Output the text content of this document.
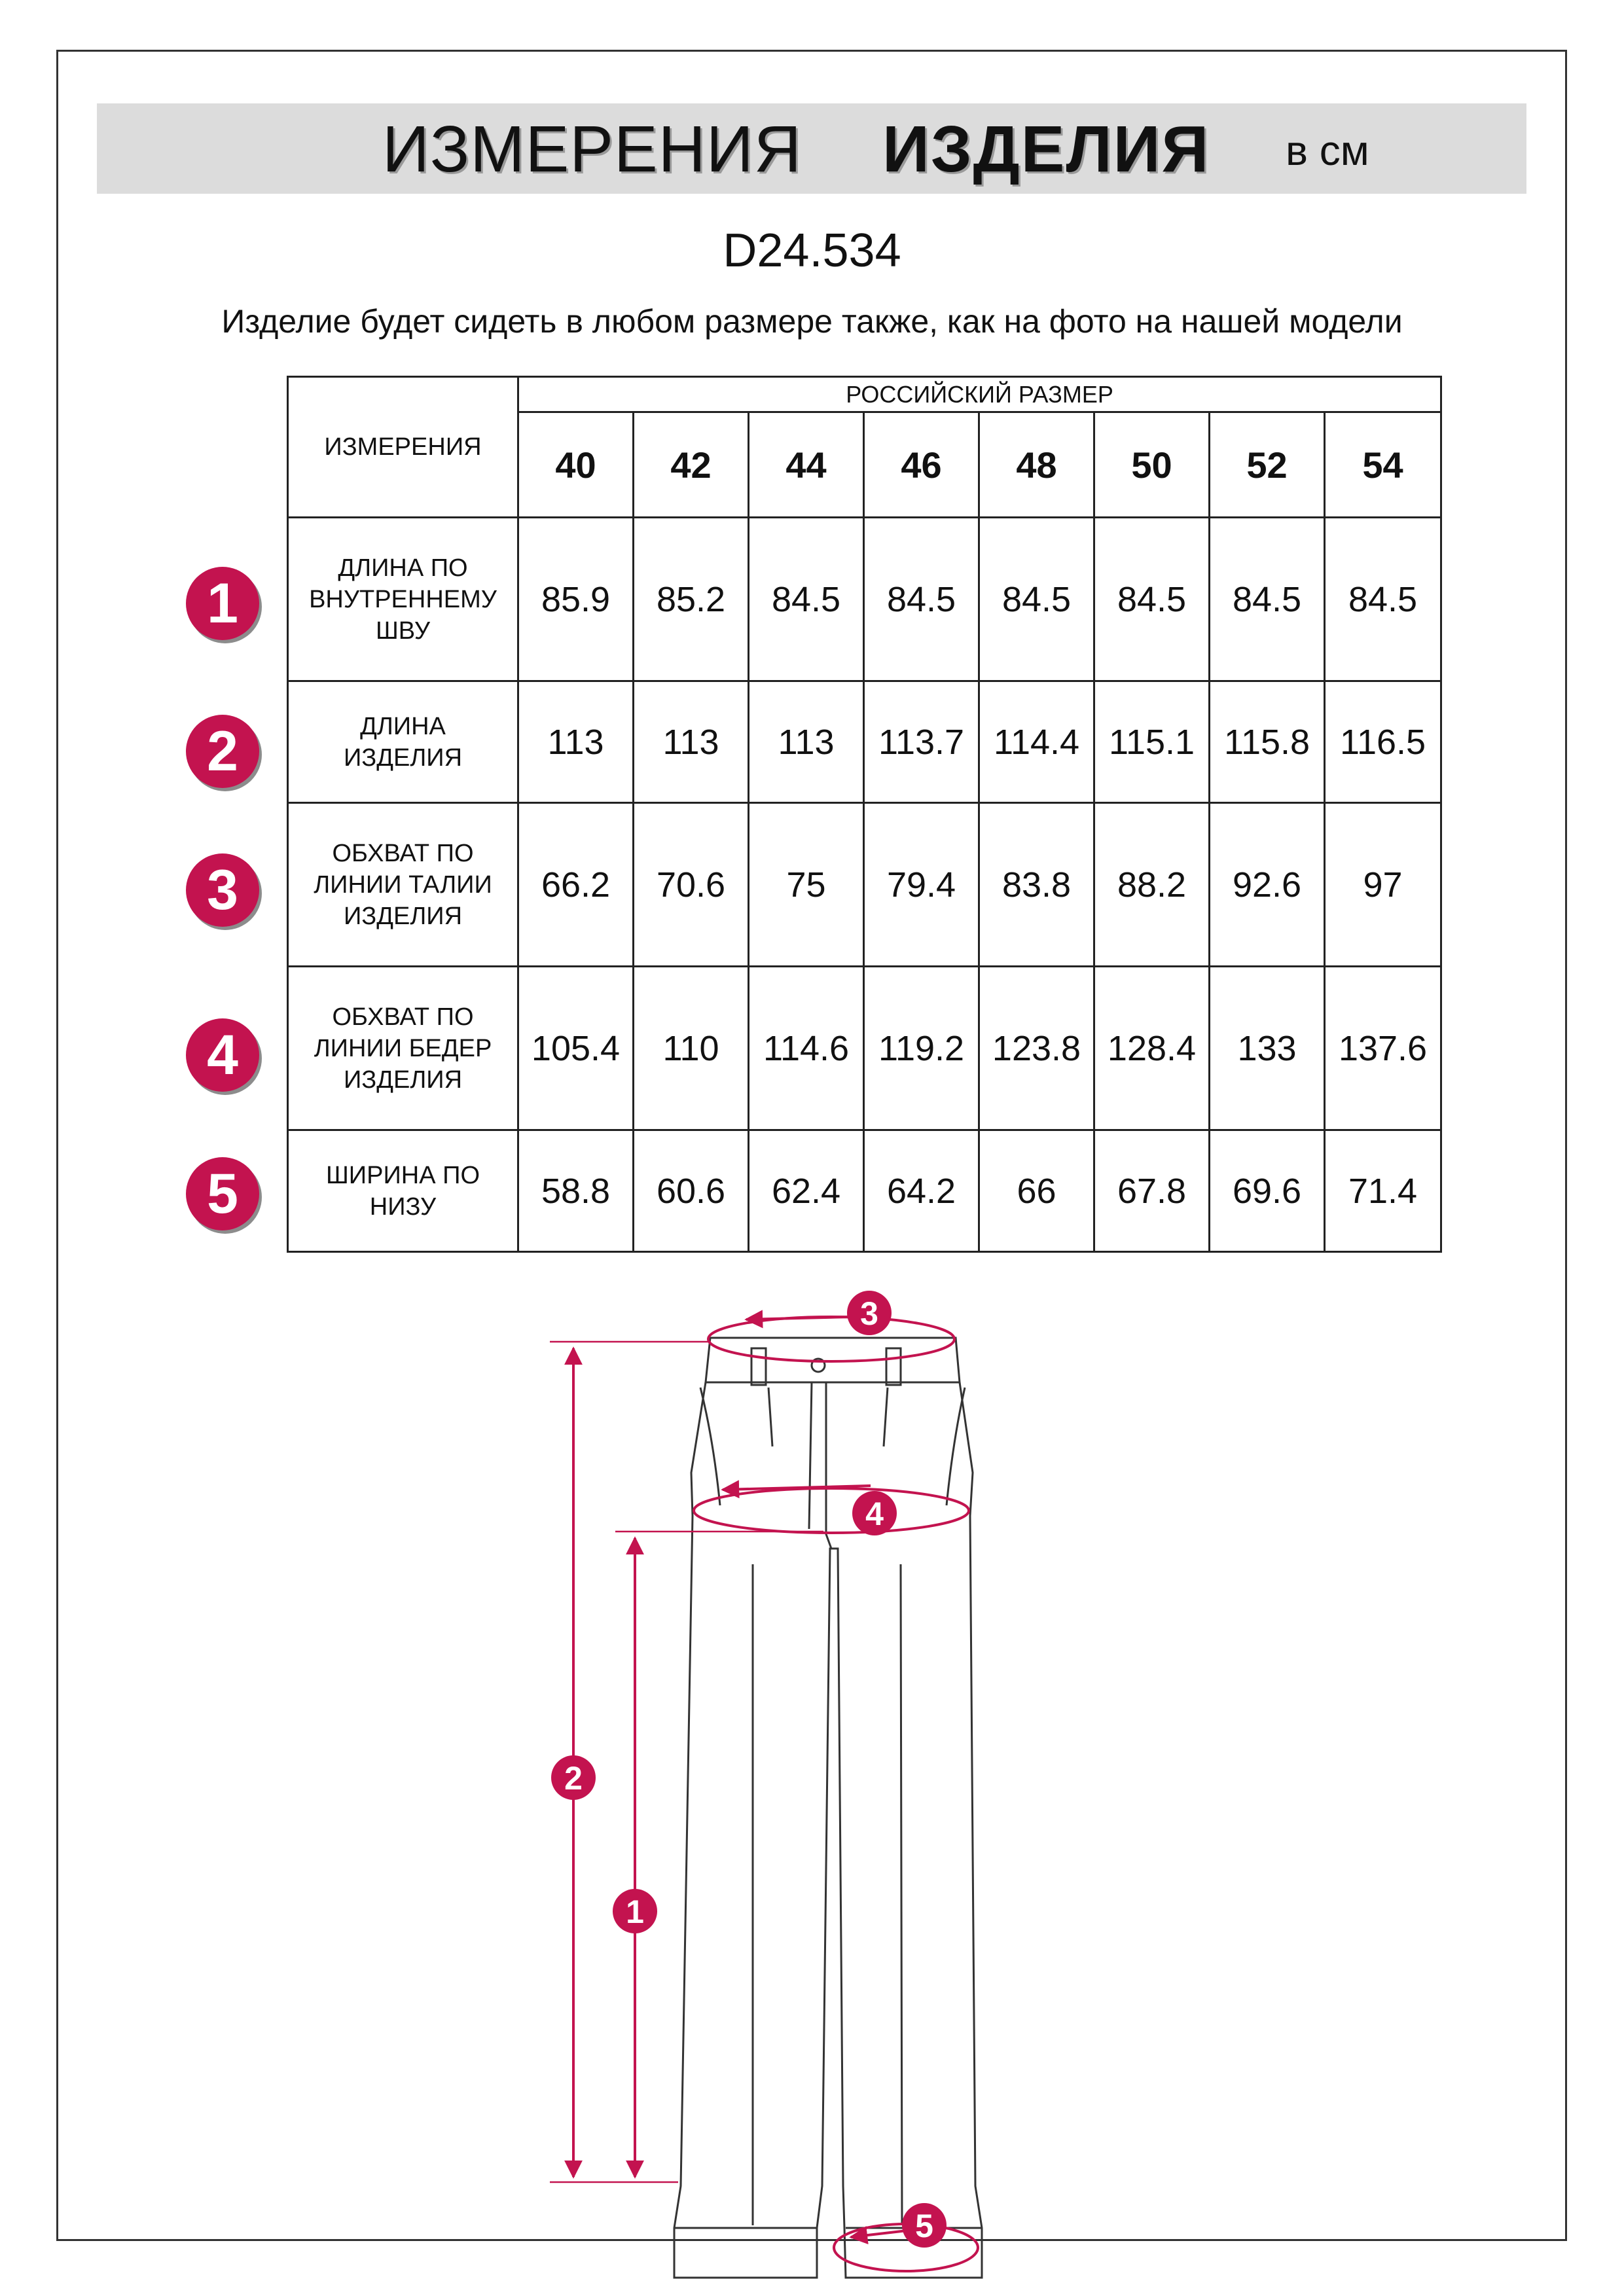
ИЗМЕРЕНИЯ ИЗДЕЛИЯ в см
D24.534
Изделие будет сидеть в любом размере также, как на фото на нашей модели
ИЗМЕРЕНИЯ	РОССИЙСКИЙ РАЗМЕР							
	40	42	44	46	48	50	52	54

ДЛИНА ПО
ВНУТРЕННЕМУ
ШВУ	85.9	85.2	84.5	84.5	84.5	84.5	84.5	84.5

ДЛИНА
ИЗДЕЛИЯ	113	113	113	113.7	114.4	115.1	115.8	116.5

ОБХВАТ ПО
ЛИНИИ ТАЛИИ
ИЗДЕЛИЯ	66.2	70.6	75	79.4	83.8	88.2	92.6	97

ОБХВАТ ПО
ЛИНИИ БЕДЕР
ИЗДЕЛИЯ	105.4	110	114.6	119.2	123.8	128.4	133	137.6

ШИРИНА ПО
НИЗУ	58.8	60.6	62.4	64.2	66	67.8	69.6	71.4
1
2
3
4
5
2
1
3
4
5
